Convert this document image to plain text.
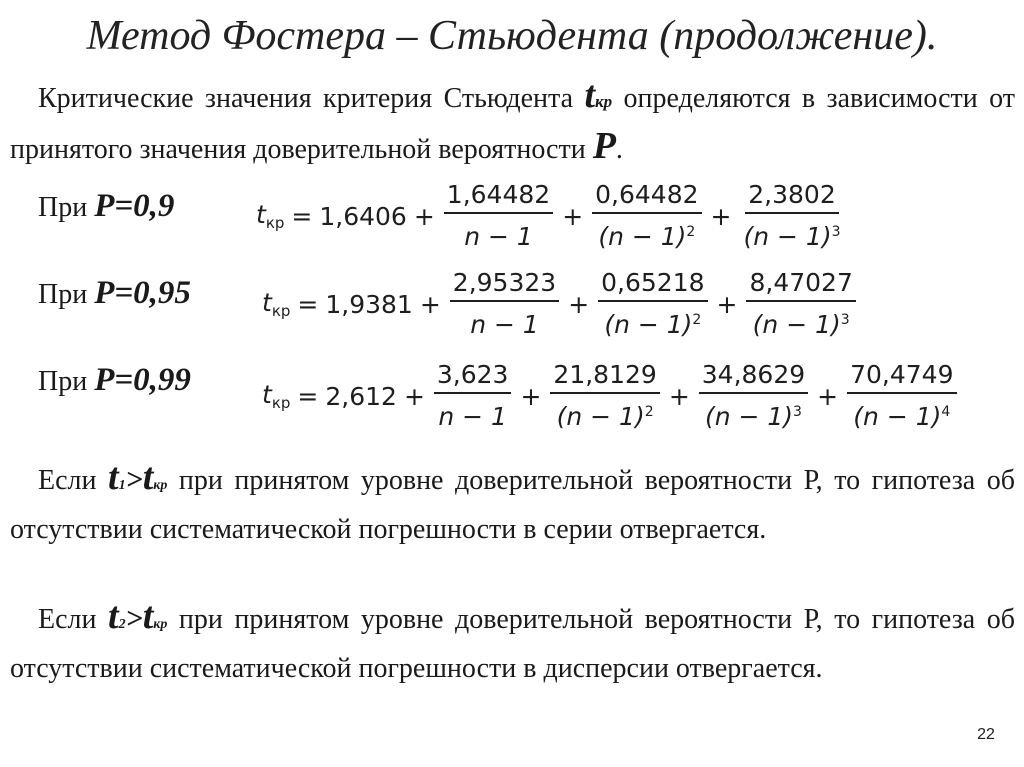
Метод Фостера – Стьюдента (продолжение).
Критические значения критерия Стьюдента tкр определяются в зависимости от принятого значения доверительной вероятности P.
При P=0,9	$t_{кр} = 1,6406 + \frac{1,64482}{n - 1} + \frac{0,64482}{(n - 1)^2} + \frac{2,3802}{(n - 1)^3}$
При P=0,95	$t_{кр} = 1,9381 + \frac{2,95323}{n - 1} + \frac{0,65218}{(n - 1)^2} + \frac{8,47027}{(n - 1)^3}$
При P=0,99	$t_{кр} = 2,612 + \frac{3,623}{n - 1} + \frac{21,8129}{(n - 1)^2} + \frac{34,8629}{(n - 1)^3} + \frac{70,4749}{(n - 1)^4}$
Если t1>tкр при принятом уровне доверительной вероятности Р, то гипотеза об отсутствии систематической погрешности в серии отвергается.
Если t2>tкр при принятом уровне доверительной вероятности Р, то гипотеза об отсутствии систематической погрешности в дисперсии отвергается.
22
